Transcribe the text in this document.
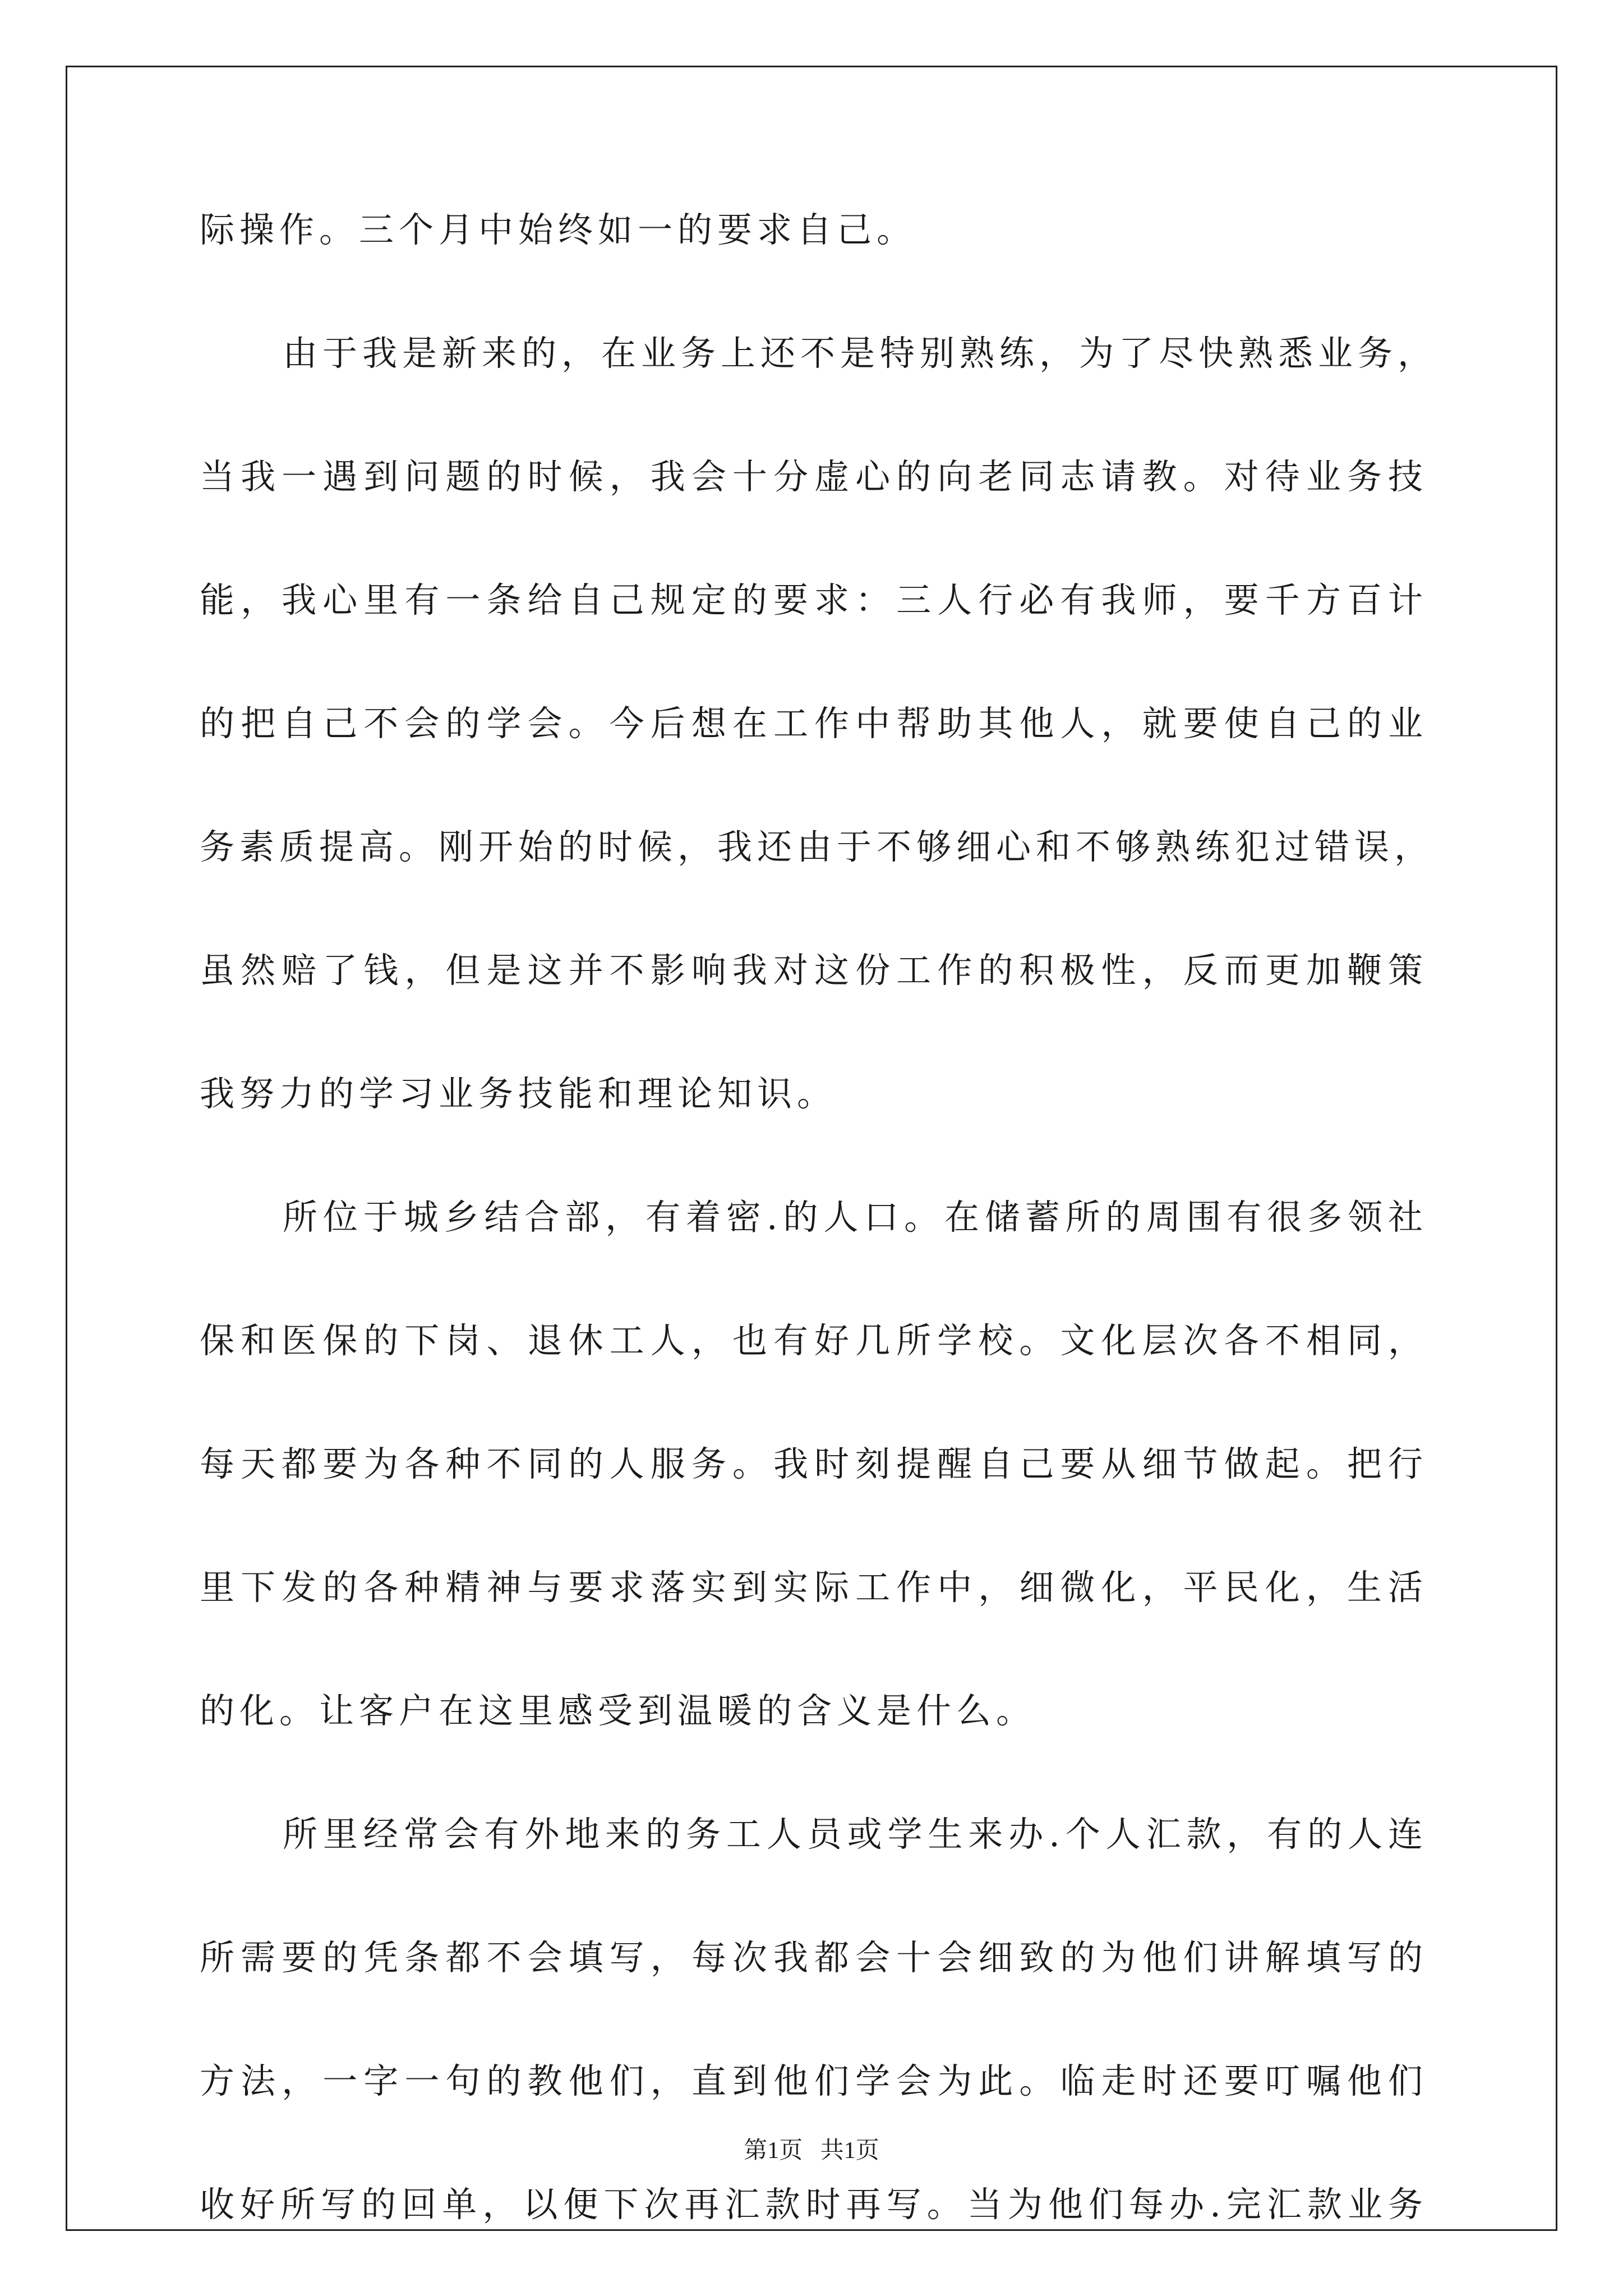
际操作。三个月中始终如一的要求自己。
由于我是新来的，在业务上还不是特别熟练，为了尽快熟悉业务，
当我一遇到问题的时候，我会十分虚心的向老同志请教。对待业务技
能，我心里有一条给自己规定的要求：三人行必有我师，要千方百计
的把自己不会的学会。今后想在工作中帮助其他人，就要使自己的业
务素质提高。刚开始的时候，我还由于不够细心和不够熟练犯过错误，
虽然赔了钱，但是这并不影响我对这份工作的积极性，反而更加鞭策
我努力的学习业务技能和理论知识。
所位于城乡结合部，有着密.的人口。在储蓄所的周围有很多领社
保和医保的下岗、退休工人，也有好几所学校。文化层次各不相同，
每天都要为各种不同的人服务。我时刻提醒自己要从细节做起。把行
里下发的各种精神与要求落实到实际工作中，细微化，平民化，生活
的化。让客户在这里感受到温暖的含义是什么。
所里经常会有外地来的务工人员或学生来办.个人汇款，有的人连
所需要的凭条都不会填写，每次我都会十会细致的为他们讲解填写的
方法，一字一句的教他们，直到他们学会为此。临走时还要叮嘱他们
收好所写的回单，以便下次再汇款时再写。当为他们每办.完汇款业务
第1页   共1页
